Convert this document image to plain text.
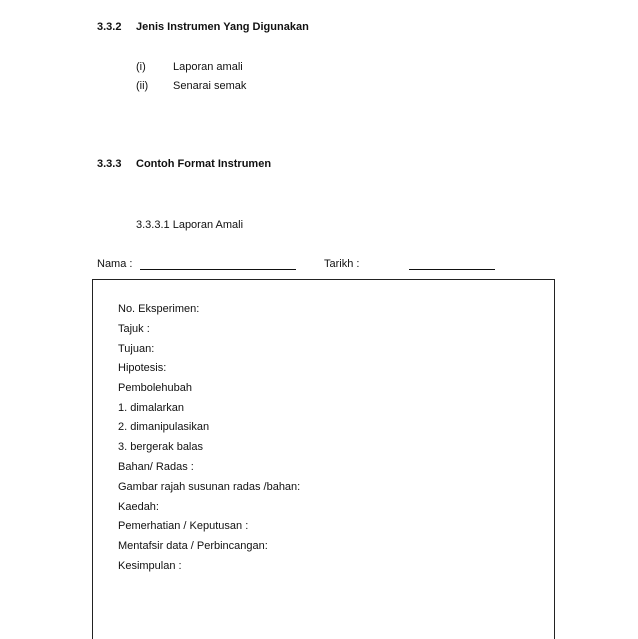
3.3.2 Jenis Instrumen Yang Digunakan
(i) Laporan amali
(ii) Senarai semak
3.3.3 Contoh Format Instrumen
3.3.3.1 Laporan Amali
Nama :	Tarikh :
No. Eksperimen:
Tajuk :
Tujuan:
Hipotesis:
Pembolehubah
1. dimalarkan
2. dimanipulasikan
3. bergerak balas
Bahan/ Radas :
Gambar rajah susunan radas /bahan:
Kaedah:
Pemerhatian / Keputusan :
Mentafsir data / Perbincangan:
Kesimpulan :
